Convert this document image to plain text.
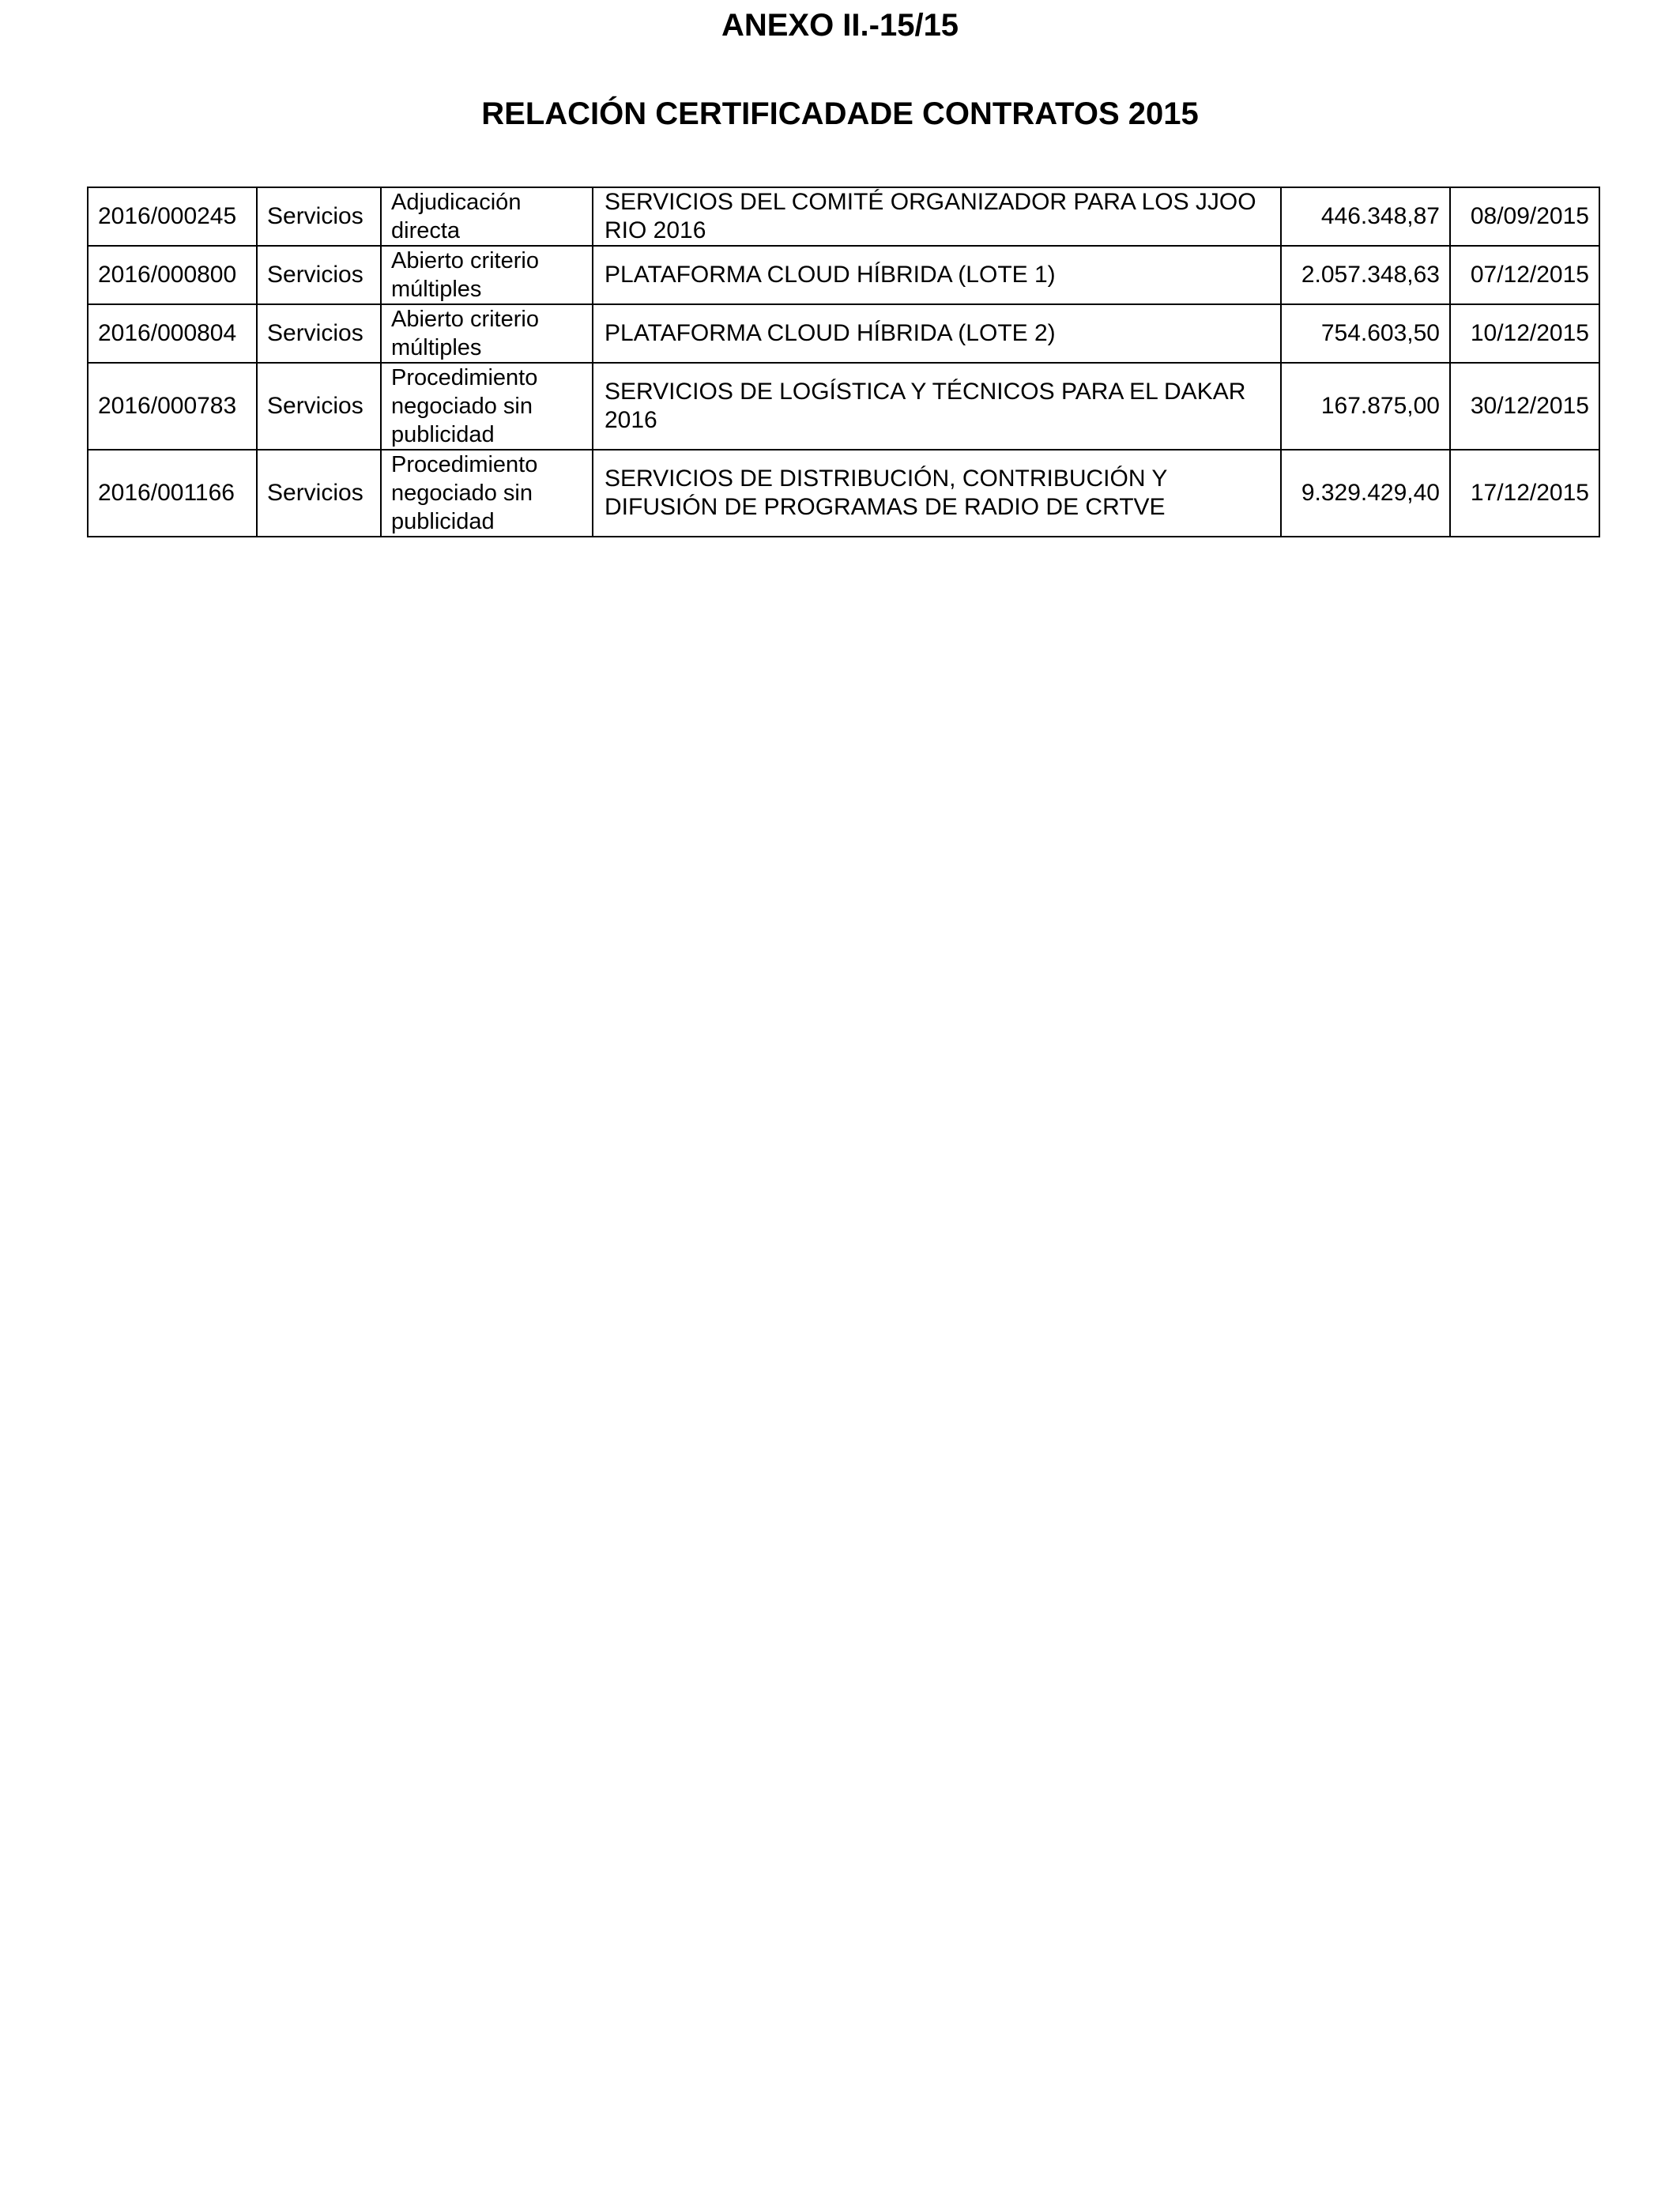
ANEXO II.-15/15
RELACIÓN CERTIFICADADE CONTRATOS 2015
2016/000245	Servicios	Adjudicación directa	SERVICIOS DEL COMITÉ ORGANIZADOR PARA LOS JJOO RIO 2016	446.348,87	08/09/2015
2016/000800	Servicios	Abierto criterio múltiples	PLATAFORMA CLOUD HÍBRIDA (LOTE 1)	2.057.348,63	07/12/2015
2016/000804	Servicios	Abierto criterio múltiples	PLATAFORMA CLOUD HÍBRIDA (LOTE 2)	754.603,50	10/12/2015
2016/000783	Servicios	Procedimiento negociado sin publicidad	SERVICIOS DE LOGÍSTICA Y TÉCNICOS PARA EL DAKAR 2016	167.875,00	30/12/2015
2016/001166	Servicios	Procedimiento negociado sin publicidad	SERVICIOS DE DISTRIBUCIÓN, CONTRIBUCIÓN Y DIFUSIÓN DE PROGRAMAS DE RADIO DE CRTVE	9.329.429,40	17/12/2015
